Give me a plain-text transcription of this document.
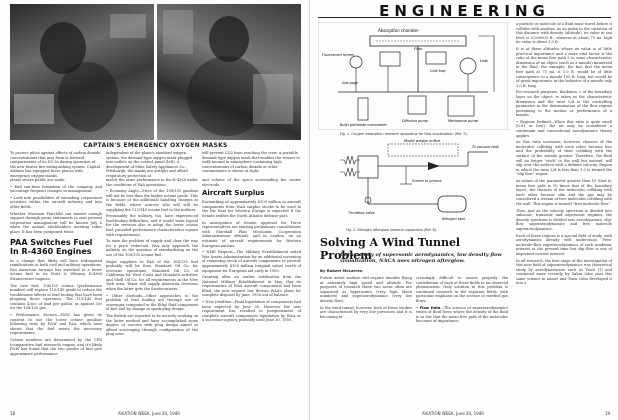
CAPTAIN'S EMERGENCY OXYGEN MASKS
To protect pilots against effects of carbon dioxide concentrations that may form in forward compartments of its DC-6s during operation of the new heater fire extinguishing system, Capital Airlines has equipped these planes with emergency oxygen masks,
independent of the plane's standard oxygen system, the demand-type oxygen mask plugged into outlets on the control panel (left). A development of Mine Safety Appliances Co., Pittsburgh, the masks are airtight and afford respiratory protection at
will prevent CO2 from reaching the crew. A portable demand-type oxygen mask that enables the wearer to walk around in atmosphere containing high concentrations of carbon dioxide or other contaminants is shown at right.

plants where public are made.

• End run-time formation of the company and encourage frequent changes in management.

• Look into possibilities of extending corporation activities within the aircraft industry and into other fields.

Whether Sherman Fairchild can muster enough support through proxy statements to oust present corporation management will be known July 6 when the annual stockholders meeting takes place. It has been postponed twice.

PAA Switches Fuel In R-4360 Engines

In a change that likely will have widespread ramifications in both civil and military operations, Pan American Airways has switched to a lower octane fuel in its Pratt & Whitney R-4360 Stratocruiser engines.

The new fuel, 108/135 octane (performance number) will replace 115/145 grade to reduce the troublesome effects of lead fouling that have been plaguing those operators. The 115/145 fuel contains 4.6cc of lead per gallon, as against 3cc for the 108/135 gas.

• Performance Factors—P&W has given its consent to use the lower octane gasoline following tests by P&W and PAA, which have shown that the fuel meets the necessary requirements.

Octane numbers are determined by the CFR (comparative fuel research) engine, and it's likely P&W has found that the two grades of fuel give approximate performance.

match the same performance in the R-4360 under the conditions of PAA operations.

• Economy Angle—Price of the 108/135 gasoline will not be less than the higher octane grade. This is because of the additional handling charges at the fields, where sources who will still be supplying the 115/145 octane fuel to the military.

Presumably the military, too, have experienced lead-fouling difficulties, and it would seem logical for the services also to adopt the lower octane fuel, provided performance characteristics square with requirements.

To ease the problem of supply and clear the way for a price reduction, PAA may approach the military on the question of standardizing on the use of the 108/135 octane fuel.

Major suppliers to PAA of the 108/135 fuel probably will be Esso Standard Oil Co. for overseas operations, Standard Oil Co. of California for West Coast and Honolulu activities and Shell Oil Co. for all requirements in the New York area. Texas will supply American Overseas when the latter gets the Stratocruisers.

• Other Methods—Other approaches to the problem of lead fouling are through use of scavenger compound in the Ethyl fluid component of fuel and by change in spark-plug design.

The British are reported to be actively working on the latter method and have accomplished some degree of success with plug design aimed at afford scavenging through configuration of the plug nose.

and volume of the space surrounding the center electrode.

Aircraft Surplus

Earmarking of approximately $100 million in aircraft components from WAA surplus stocks to be used in the Far East for Western Europe is expected if the Senate ratifies the North Atlantic defense pact.

In anticipation of Senate approval for Force representatives are starting preliminary consultations with Marshall Plan (Economic Cooperation Administration) officials, and in London, on an estimate of aircraft requirements for Western European nations.

• NME Request—The Military Establishment asked War Assets Administration for an additional screening of remaining stock of aircraft components to provide approximately $100 million (original value) worth of equipment for European aid early in 1950.

Granting after an earlier notification from the National Military Establishment in May, that its requirements of WAA aircraft components had been filled, the new request has thrown WAA's plans for complete disposal by June, 1950 out of balance.

• New Deadline—Final liquidation of components had been expected by June 30. However the new requirement has resulted in postponement of complete aircraft components liquidation by WAA or a successor agency, probably until June 30, 1950.

18	AVIATION WEEK, June 20, 1949
ENGINEERING
Absorption chamber
Flow
Fluorescent screen
Gas gage
Cold trap
Butyl phthalate manometer
Diffusion pump	Mechanical pump
Leak
Fig. 1. Oxygen absorption research apparatus for flow visualization (Ref. 9).
Model wedge orifice
To vacuum tank
Screen to ground
Throttling valve
Nitrogen tank
Fig. 2. Nitrogen afterglow research apparatus (Ref. 6).
Solving A Wind Tunnel Problem
In the study of supersonic aerodynamics, low density flow visualization, NACA uses nitrogen afterglow.
By Robert McLarren

Future aerial warfare will require missiles flying at extremely high speed and altitude. For purposes of research these two areas often are separated as hypersonics (very high Mach numbers) and superaerodynamics (very low density flow).

In the wind tunnel, however, both of these studies are characterized by very low pressures and it is becoming in-

creasingly difficult to assess properly the contribution of each of these fields to an observed phenomenon. Only solution to this problem is continued research in the separate fields, with particular emphasis on the science of rarefied gas flows.

• Flow Data—The science of superaerodynamics treats of fluid flows where the density of the fluid is so low that the mean free path of the molecules becomes of importance.

a particle or molecule of a fluid must travel before it collides with another. As an index to the variation of this distance with density (altitude), its value at sea level is 0.000003 ft., whereas at about 75 mi. high its value is about 1.0 ft.

It is at these altitudes where its value is of little practical importance and a more vital factor is the ratio of the mean free path L to some characteristic dimension of an object (such as a missile) immersed in the fluid. For example, the fact that the mean free path at 75 mi. is 1.0 ft. would be of little consequence to a missile 100 ft. long, but would be of great importance in the behavior of a missile only 1.0 ft. long.

For research purposes, thickness, L of the boundary layer on the object, is taken as the characteristic dimension and the ratio L/d is the controlling parameter in the determination of the flow regime pertaining to the motion or performance of a missile.

• Regions Defined—When this ratio is quite small (0.01 or less), the air may be considered a continuum and conventional aerodynamics theory applies.

As this ratio increases, however, chances of the molecules colliding with each other become less and the probability of their colliding with the surface of the missile greater. Therefore, the fluid will no longer "stick" to the wall but instead, will slip over the surface with a definite velocity. Region in which the ratio L/d is less than 1.0 is termed the "slip flow" region.

At values of the parameter greater than 10 (that is, mean free path is 10 times that of the boundary layer), the chances of the molecules colliding with each other become slim and the gas may be considered a stream of free molecules colliding with the wall. This region is termed "free molecule flow."

Thus, just as the velocity spectrum is divided into subsonic, transonic and supersonic regimes, the density spectrum is divided into aerodynamics, slip-flow superaerodynamics and free molecule superaerodynamics.

Each of these regions is a special field of study, with aerodynamics already well understood. Free-molecule-flow superaerodynamics of such academic interest at the present time but slip flow is one of important current interest.

In all research, the first stage of the investigation of this new field of superaerodynamics was theoretical study by aerodynamicists such as Tsien (1) and continued more recently by Zahm (also past this same science in name) and Tsien (who developed it into a

AVIATION WEEK, June 20, 1949	19
